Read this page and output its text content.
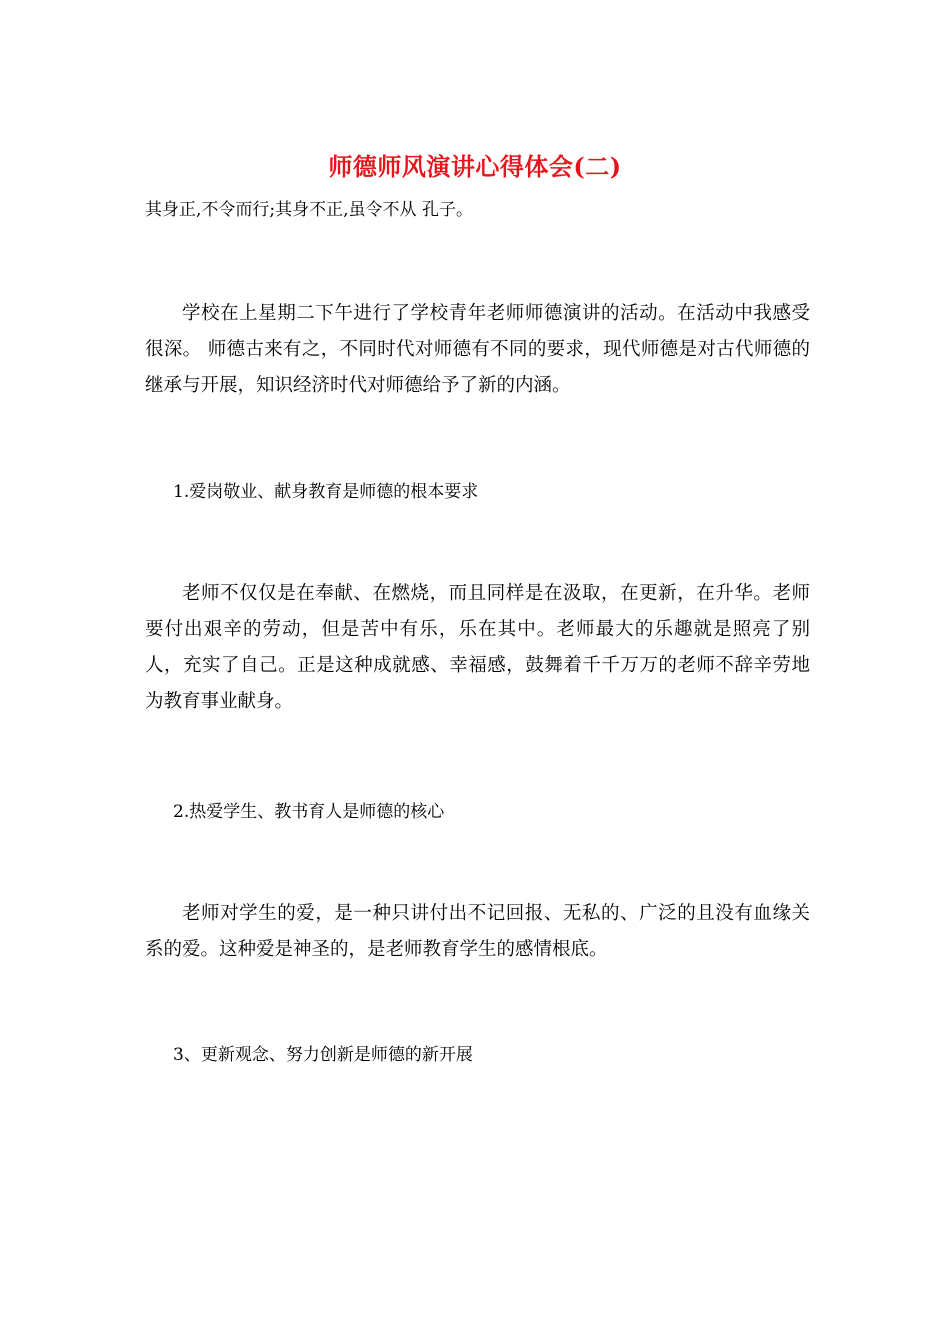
师德师风演讲心得体会(二)
其身正,不令而行;其身不正,虽令不从 孔子。
学校在上星期二下午进行了学校青年老师师德演讲的活动。在活动中我感受很深。 师德古来有之，不同时代对师德有不同的要求，现代师德是对古代师德的继承与开展，知识经济时代对师德给予了新的内涵。
1.爱岗敬业、献身教育是师德的根本要求
老师不仅仅是在奉献、在燃烧，而且同样是在汲取，在更新，在升华。老师要付出艰辛的劳动，但是苦中有乐，乐在其中。老师最大的乐趣就是照亮了别人，充实了自己。正是这种成就感、幸福感，鼓舞着千千万万的老师不辞辛劳地为教育事业献身。
2.热爱学生、教书育人是师德的核心
老师对学生的爱，是一种只讲付出不记回报、无私的、广泛的且没有血缘关系的爱。这种爱是神圣的，是老师教育学生的感情根底。
3、更新观念、努力创新是师德的新开展
